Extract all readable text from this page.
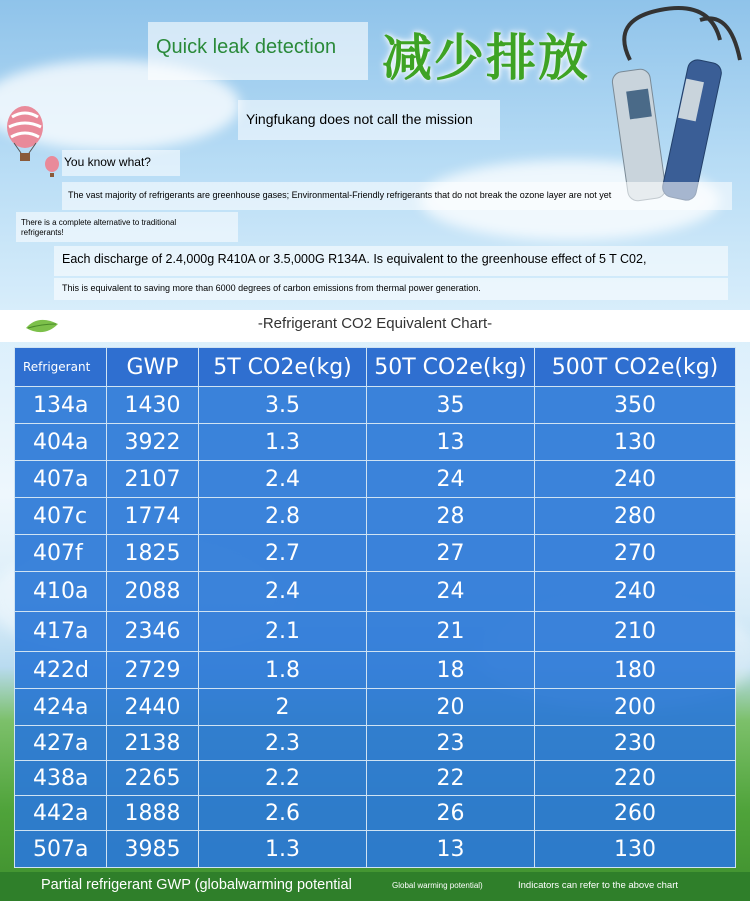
Quick leak detection 减少排放
Yingfukang does not call the mission
You know what?
The vast majority of refrigerants are greenhouse gases; Environmental-Friendly refrigerants that do not break the ozone layer are not yet
There is a complete alternative to traditional refrigerants!
Each discharge of 2.4,000g R410A or 3.5,000G R134A. Is equivalent to the greenhouse effect of 5 T C02,
This is equivalent to saving more than 6000 degrees of carbon emissions from thermal power generation.
-Refrigerant CO2 Equivalent Chart-
Refrigerant	GWP	5T CO2e(kg)	50T CO2e(kg)	500T CO2e(kg)
134a	1430	3.5	35	350
404a	3922	1.3	13	130
407a	2107	2.4	24	240
407c	1774	2.8	28	280
407f	1825	2.7	27	270
410a	2088	2.4	24	240
417a	2346	2.1	21	210
422d	2729	1.8	18	180
424a	2440	2	20	200
427a	2138	2.3	23	230
438a	2265	2.2	22	220
442a	1888	2.6	26	260
507a	3985	1.3	13	130
Partial refrigerant GWP (globalwarming potential	Global warming potential)	Indicators can refer to the above chart
